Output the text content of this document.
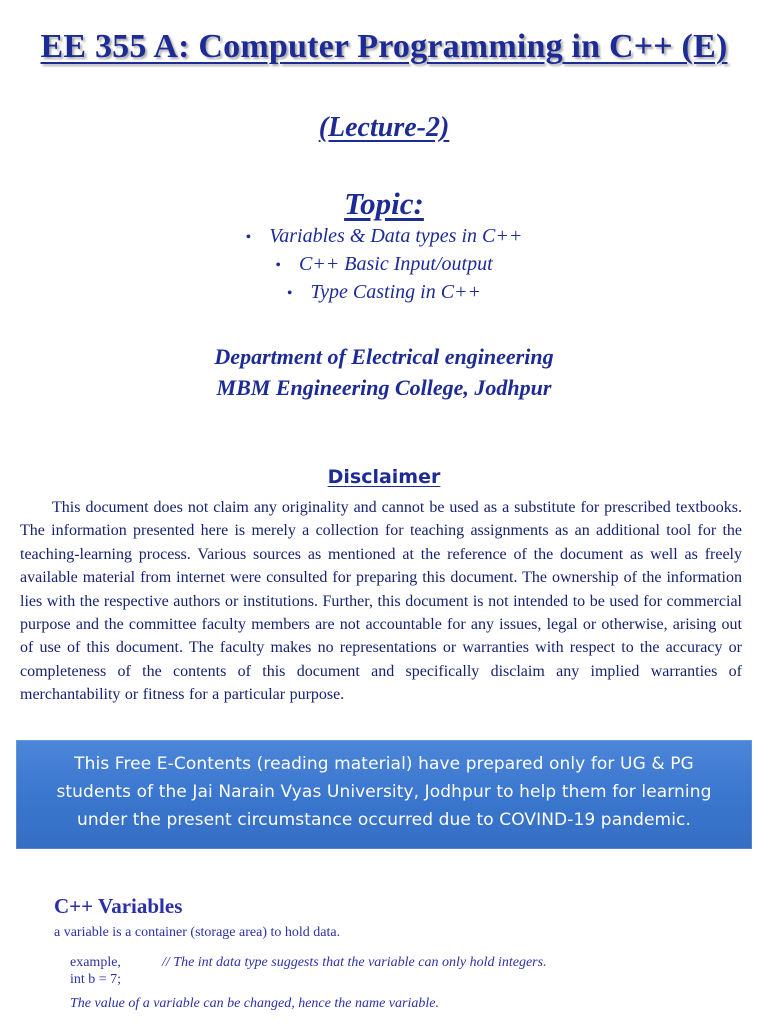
EE 355 A: Computer Programming in C++ (E)
(Lecture-2)
Topic:
• Variables & Data types in C++
• C++ Basic Input/output
• Type Casting in C++
Department of Electrical engineering
MBM Engineering College, Jodhpur
Disclaimer

This document does not claim any originality and cannot be used as a substitute for prescribed textbooks. The information presented here is merely a collection for teaching assignments as an additional tool for the teaching-learning process. Various sources as mentioned at the reference of the document as well as freely available material from internet were consulted for preparing this document. The ownership of the information lies with the respective authors or institutions. Further, this document is not intended to be used for commercial purpose and the committee faculty members are not accountable for any issues, legal or otherwise, arising out of use of this document. The faculty makes no representations or warranties with respect to the accuracy or completeness of the contents of this document and specifically disclaim any implied warranties of merchantability or fitness for a particular purpose.

This Free E-Contents (reading material) have prepared only for UG & PG
students of the Jai Narain Vyas University, Jodhpur to help them for learning
under the present circumstance occurred due to COVIND-19 pandemic.
C++ Variables
a variable is a container (storage area) to hold data.
example,	// The int data type suggests that the variable can only hold integers.
int b = 7;
The value of a variable can be changed, hence the name variable.
